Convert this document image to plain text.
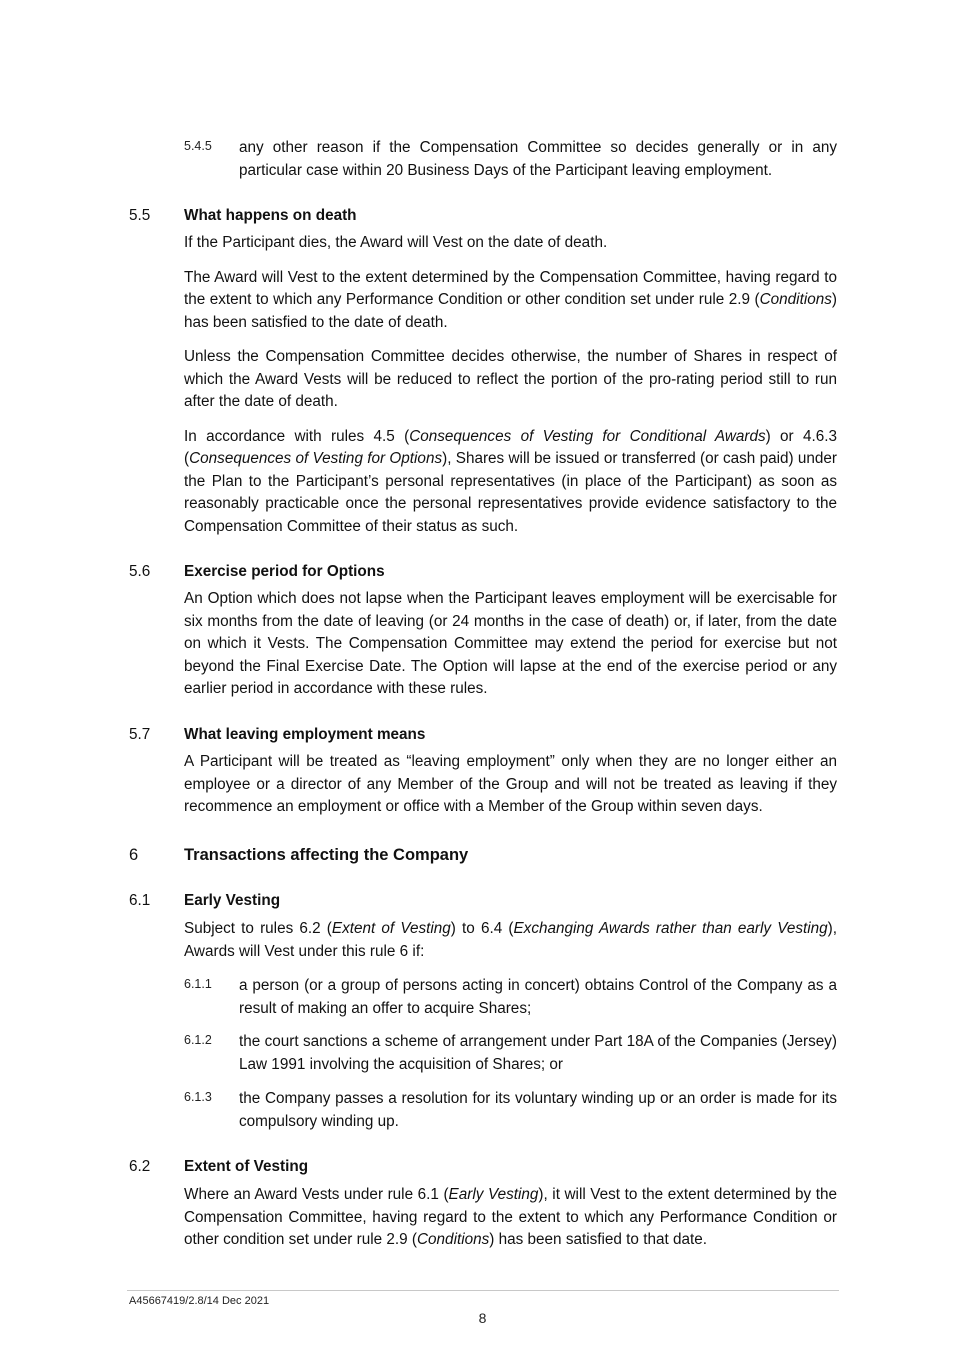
5.4.5 any other reason if the Compensation Committee so decides generally or in any particular case within 20 Business Days of the Participant leaving employment.
5.5 What happens on death

If the Participant dies, the Award will Vest on the date of death.

The Award will Vest to the extent determined by the Compensation Committee, having regard to the extent to which any Performance Condition or other condition set under rule 2.9 (Conditions) has been satisfied to the date of death.

Unless the Compensation Committee decides otherwise, the number of Shares in respect of which the Award Vests will be reduced to reflect the portion of the pro-rating period still to run after the date of death.

In accordance with rules 4.5 (Consequences of Vesting for Conditional Awards) or 4.6.3 (Consequences of Vesting for Options), Shares will be issued or transferred (or cash paid) under the Plan to the Participant’s personal representatives (in place of the Participant) as soon as reasonably practicable once the personal representatives provide evidence satisfactory to the Compensation Committee of their status as such.

5.6 Exercise period for Options

An Option which does not lapse when the Participant leaves employment will be exercisable for six months from the date of leaving (or 24 months in the case of death) or, if later, from the date on which it Vests. The Compensation Committee may extend the period for exercise but not beyond the Final Exercise Date. The Option will lapse at the end of the exercise period or any earlier period in accordance with these rules.

5.7 What leaving employment means

A Participant will be treated as “leaving employment” only when they are no longer either an employee or a director of any Member of the Group and will not be treated as leaving if they recommence an employment or office with a Member of the Group within seven days.

6	Transactions affecting the Company
6.1 Early Vesting

Subject to rules 6.2 (Extent of Vesting) to 6.4 (Exchanging Awards rather than early Vesting), Awards will Vest under this rule 6 if:

6.1.1 a person (or a group of persons acting in concert) obtains Control of the Company as a result of making an offer to acquire Shares;
6.1.2 the court sanctions a scheme of arrangement under Part 18A of the Companies (Jersey) Law 1991 involving the acquisition of Shares; or
6.1.3 the Company passes a resolution for its voluntary winding up or an order is made for its compulsory winding up.
6.2 Extent of Vesting

Where an Award Vests under rule 6.1 (Early Vesting), it will Vest to the extent determined by the Compensation Committee, having regard to the extent to which any Performance Condition or other condition set under rule 2.9 (Conditions) has been satisfied to that date.

A45667419/2.8/14 Dec 2021
8
